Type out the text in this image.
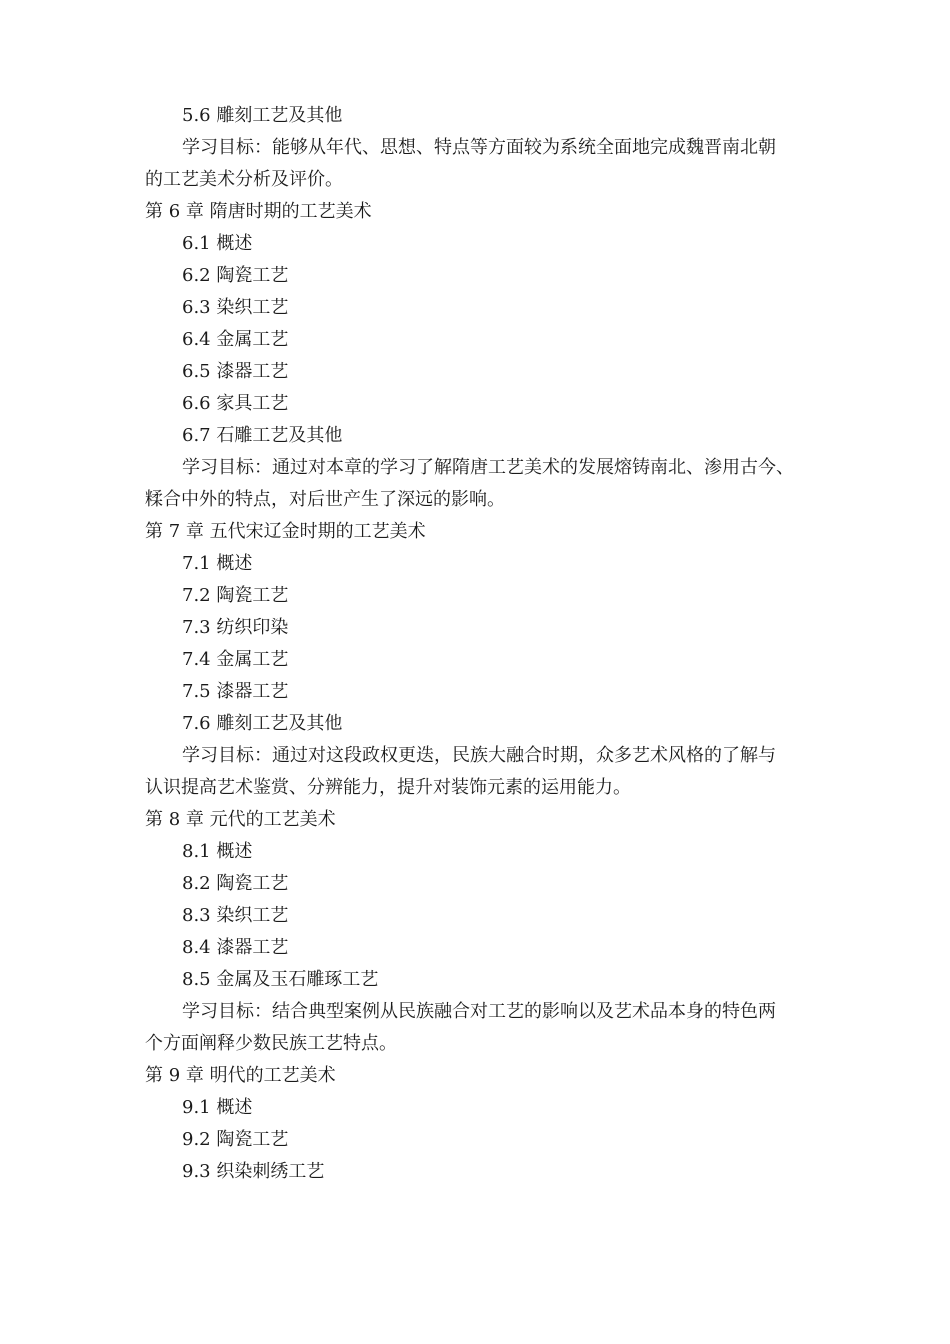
5.6 雕刻工艺及其他
学习目标：能够从年代、思想、特点等方面较为系统全面地完成魏晋南北朝
的工艺美术分析及评价。
第 6 章 隋唐时期的工艺美术
6.1 概述
6.2 陶瓷工艺
6.3 染织工艺
6.4 金属工艺
6.5 漆器工艺
6.6 家具工艺
6.7 石雕工艺及其他
学习目标：通过对本章的学习了解隋唐工艺美术的发展熔铸南北、渗用古今、
糅合中外的特点，对后世产生了深远的影响。
第 7 章 五代宋辽金时期的工艺美术
7.1 概述
7.2 陶瓷工艺
7.3 纺织印染
7.4 金属工艺
7.5 漆器工艺
7.6 雕刻工艺及其他
学习目标：通过对这段政权更迭，民族大融合时期，众多艺术风格的了解与
认识提高艺术鉴赏、分辨能力，提升对装饰元素的运用能力。
第 8 章 元代的工艺美术
8.1 概述
8.2 陶瓷工艺
8.3 染织工艺
8.4 漆器工艺
8.5 金属及玉石雕琢工艺
学习目标：结合典型案例从民族融合对工艺的影响以及艺术品本身的特色两
个方面阐释少数民族工艺特点。
第 9 章 明代的工艺美术
9.1 概述
9.2 陶瓷工艺
9.3 织染刺绣工艺
